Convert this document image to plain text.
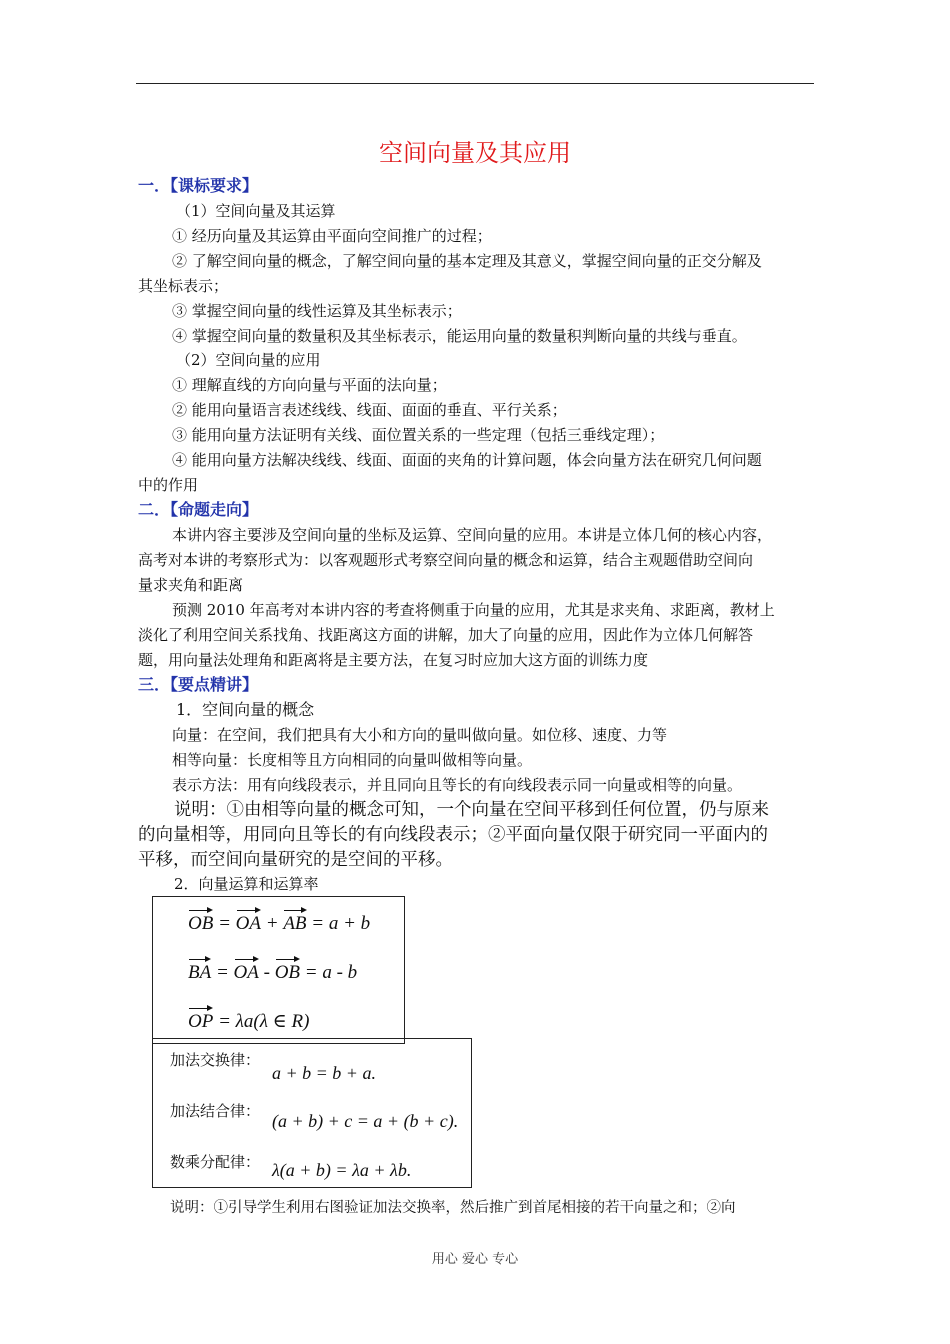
空间向量及其应用
一．【课标要求】
（1）空间向量及其运算
① 经历向量及其运算由平面向空间推广的过程；
② 了解空间向量的概念，了解空间向量的基本定理及其意义，掌握空间向量的正交分解及
其坐标表示；
③ 掌握空间向量的线性运算及其坐标表示；
④ 掌握空间向量的数量积及其坐标表示，能运用向量的数量积判断向量的共线与垂直。
（2）空间向量的应用
① 理解直线的方向向量与平面的法向量；
② 能用向量语言表述线线、线面、面面的垂直、平行关系；
③ 能用向量方法证明有关线、面位置关系的一些定理（包括三垂线定理）；
④ 能用向量方法解决线线、线面、面面的夹角的计算问题，体会向量方法在研究几何问题
中的作用
二．【命题走向】
本讲内容主要涉及空间向量的坐标及运算、空间向量的应用。本讲是立体几何的核心内容，
高考对本讲的考察形式为：以客观题形式考察空间向量的概念和运算，结合主观题借助空间向
量求夹角和距离
预测 2010 年高考对本讲内容的考查将侧重于向量的应用，尤其是求夹角、求距离，教材上
淡化了利用空间关系找角、找距离这方面的讲解，加大了向量的应用，因此作为立体几何解答
题，用向量法处理角和距离将是主要方法，在复习时应加大这方面的训练力度
三．【要点精讲】
1．空间向量的概念
向量：在空间，我们把具有大小和方向的量叫做向量。如位移、速度、力等
相等向量：长度相等且方向相同的向量叫做相等向量。
表示方法：用有向线段表示，并且同向且等长的有向线段表示同一向量或相等的向量。
说明：①由相等向量的概念可知，一个向量在空间平移到任何位置，仍与原来
的向量相等，用同向且等长的有向线段表示；②平面向量仅限于研究同一平面内的
平移，而空间向量研究的是空间的平移。
2．向量运算和运算率
OB = OA + AB = a + b
BA = OA - OB = a - b
OP = λa(λ ∈ R)
加法交换律：
a + b = b + a.
加法结合律： (a + b) + c = a + (b + c).
数乘分配律： λ(a + b) = λa + λb.
说明：①引导学生利用右图验证加法交换率，然后推广到首尾相接的若干向量之和；②向
用心 爱心 专心
